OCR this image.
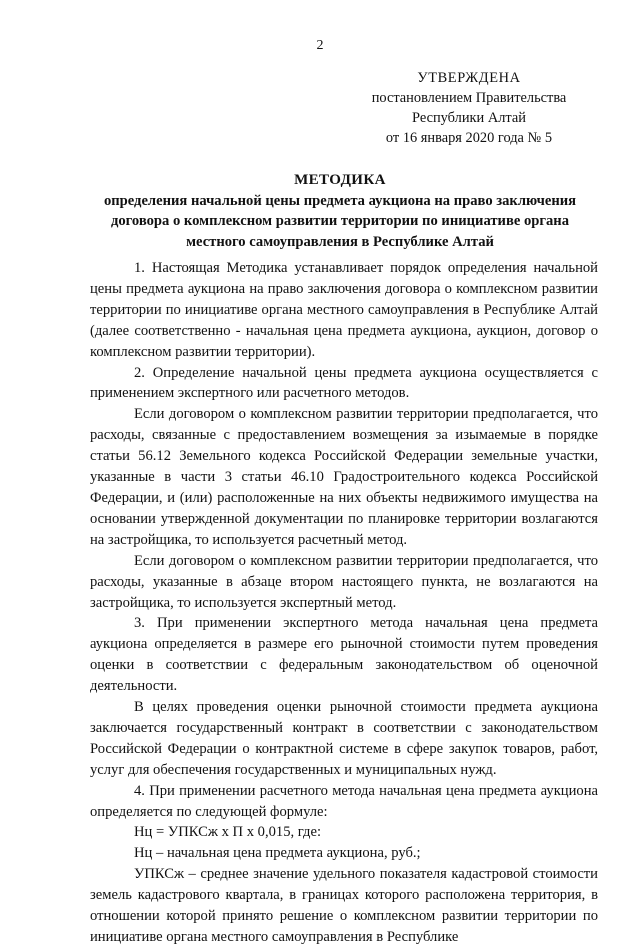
2
УТВЕРЖДЕНА
постановлением Правительства
Республики Алтай
от 16 января 2020 года № 5
МЕТОДИКА
определения начальной цены предмета аукциона на право заключения договора о комплексном развитии территории по инициативе органа местного самоуправления в Республике Алтай

1. Настоящая Методика устанавливает порядок определения начальной цены предмета аукциона на право заключения договора о комплексном развитии территории по инициативе органа местного самоуправления в Республике Алтай (далее соответственно - начальная цена предмета аукциона, аукцион, договор о комплексном развитии территории).

2. Определение начальной цены предмета аукциона осуществляется с применением экспертного или расчетного методов.

Если договором о комплексном развитии территории предполагается, что расходы, связанные с предоставлением возмещения за изымаемые в порядке статьи 56.12 Земельного кодекса Российской Федерации земельные участки, указанные в части 3 статьи 46.10 Градостроительного кодекса Российской Федерации, и (или) расположенные на них объекты недвижимого имущества на основании утвержденной документации по планировке территории возлагаются на застройщика, то используется расчетный метод.

Если договором о комплексном развитии территории предполагается, что расходы, указанные в абзаце втором настоящего пункта, не возлагаются на застройщика, то используется экспертный метод.

3. При применении экспертного метода начальная цена предмета аукциона определяется в размере его рыночной стоимости путем проведения оценки в соответствии с федеральным законодательством об оценочной деятельности.

В целях проведения оценки рыночной стоимости предмета аукциона заключается государственный контракт в соответствии с законодательством Российской Федерации о контрактной системе в сфере закупок товаров, работ, услуг для обеспечения государственных и муниципальных нужд.

4. При применении расчетного метода начальная цена предмета аукциона определяется по следующей формуле:

Нц = УПКСж х П х 0,015, где:

Нц – начальная цена предмета аукциона, руб.;

УПКСж – среднее значение удельного показателя кадастровой стоимости земель кадастрового квартала, в границах которого расположена территория, в отношении которой принято решение о комплексном развитии территории по инициативе органа местного самоуправления в Республике
